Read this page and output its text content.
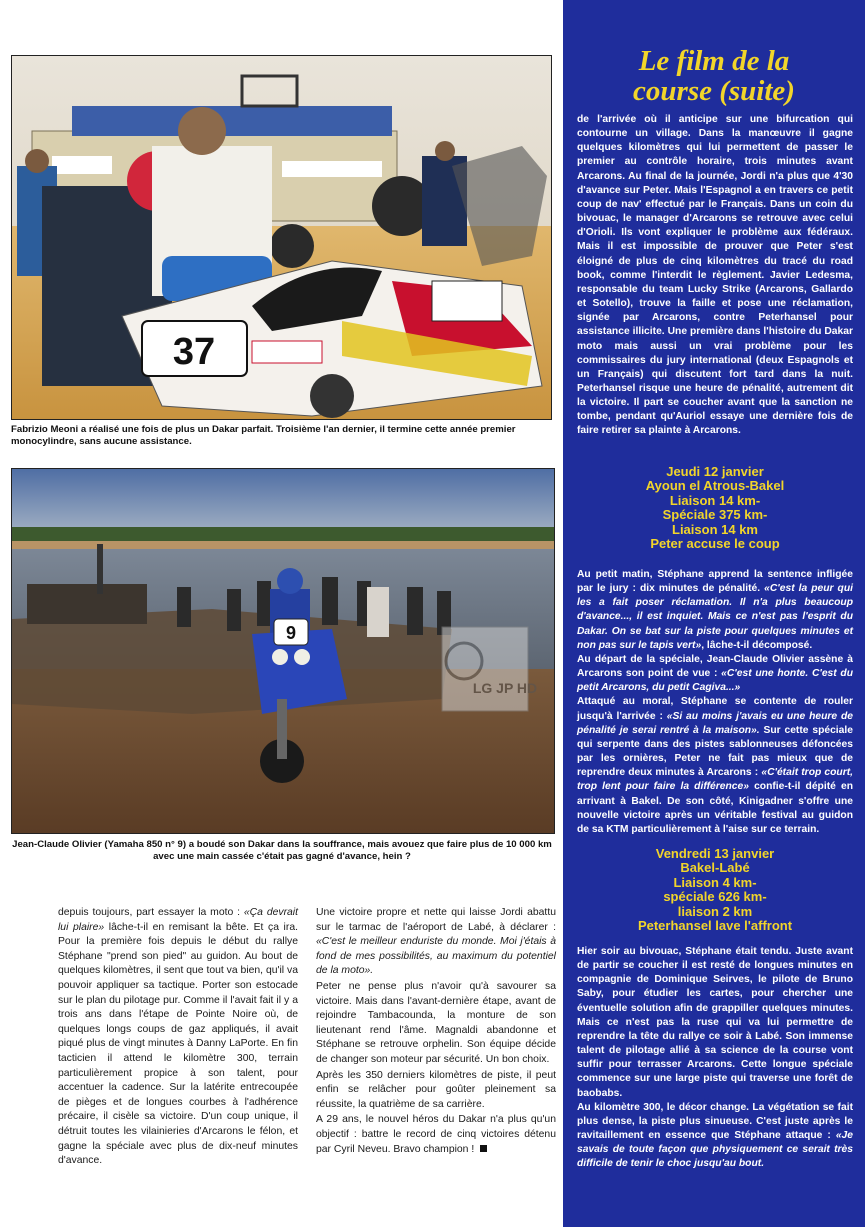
37
Fabrizio Meoni a réalisé une fois de plus un Dakar parfait. Troisième l'an dernier, il termine cette année premier monocylindre, sans aucune assistance.
9
LG JP HD
Jean-Claude Olivier (Yamaha 850 n° 9) a boudé son Dakar dans la souffrance, mais avouez que faire plus de 10 000 km avec une main cassée c'était pas gagné d'avance, hein ?

depuis toujours, part essayer la moto : «Ça devrait lui plaire» lâche-t-il en remisant la bête. Et ça ira. Pour la première fois depuis le début du rallye Stéphane "prend son pied" au guidon. Au bout de quelques kilomètres, il sent que tout va bien, qu'il va pouvoir appliquer sa tactique. Porter son estocade sur le plan du pilotage pur. Comme il l'avait fait il y a trois ans dans l'étape de Pointe Noire où, de quelques longs coups de gaz appliqués, il avait piqué plus de vingt minutes à Danny LaPorte. En fin tacticien il attend le kilomètre 300, terrain particulièrement propice à son talent, pour accentuer la cadence. Sur la latérite entrecoupée de pièges et de longues courbes à l'adhérence précaire, il cisèle sa victoire. D'un coup unique, il détruit toutes les vilainieries d'Arcarons le félon, et gagne la spéciale avec plus de dix-neuf minutes d'avance.

Une victoire propre et nette qui laisse Jordi abattu sur le tarmac de l'aéroport de Labé, à déclarer : «C'est le meilleur enduriste du monde. Moi j'étais à fond de mes possibilités, au maximum du potentiel de la moto».

Peter ne pense plus n'avoir qu'à savourer sa victoire. Mais dans l'avant-dernière étape, avant de rejoindre Tambacounda, la monture de son lieutenant rend l'âme. Magnaldi abandonne et Stéphane se retrouve orphelin. Son équipe décide de changer son moteur par sécurité. Un bon choix.

Après les 350 derniers kilomètres de piste, il peut enfin se relâcher pour goûter pleinement sa réussite, la quatrième de sa carrière.

A 29 ans, le nouvel héros du Dakar n'a plus qu'un objectif : battre le record de cinq victoires détenu par Cyril Neveu. Bravo champion !

Le film de la
course (suite)

de l'arrivée où il anticipe sur une bifurcation qui contourne un village. Dans la manœuvre il gagne quelques kilomètres qui lui permettent de passer le premier au contrôle horaire, trois minutes avant Arcarons. Au final de la journée, Jordi n'a plus que 4'30 d'avance sur Peter. Mais l'Espagnol a en travers ce petit coup de nav' effectué par le Français. Dans un coin du bivouac, le manager d'Arcarons se retrouve avec celui d'Orioli. Ils vont expliquer le problème aux fédéraux. Mais il est impossible de prouver que Peter s'est éloigné de plus de cinq kilomètres du tracé du road book, comme l'interdit le règlement. Javier Ledesma, responsable du team Lucky Strike (Arcarons, Gallardo et Sotello), trouve la faille et pose une réclamation, signée par Arcarons, contre Peterhansel pour assistance illicite. Une première dans l'histoire du Dakar moto mais aussi un vrai problème pour les commissaires du jury international (deux Espagnols et un Français) qui discutent fort tard dans la nuit. Peterhansel risque une heure de pénalité, autrement dit la victoire. Il part se coucher avant que la sanction ne tombe, pendant qu'Auriol essaye une dernière fois de faire retirer sa plainte à Arcarons.

Jeudi 12 janvier
Ayoun el Atrous-Bakel
Liaison 14 km-
Spéciale 375 km-
Liaison 14 km
Peter accuse le coup

Au petit matin, Stéphane apprend la sentence infligée par le jury : dix minutes de pénalité. «C'est la peur qui les a fait poser réclamation. Il n'a plus beaucoup d'avance..., il est inquiet. Mais ce n'est pas l'esprit du Dakar. On se bat sur la piste pour quelques minutes et non pas sur le tapis vert», lâche-t-il décomposé.

Au départ de la spéciale, Jean-Claude Olivier assène à Arcarons son point de vue : «C'est une honte. C'est du petit Arcarons, du petit Cagiva...»

Attaqué au moral, Stéphane se contente de rouler jusqu'à l'arrivée : «Si au moins j'avais eu une heure de pénalité je serai rentré à la maison». Sur cette spéciale qui serpente dans des pistes sablonneuses défoncées par les ornières, Peter ne fait pas mieux que de reprendre deux minutes à Arcarons : «C'était trop court, trop lent pour faire la différence» confie-t-il dépité en arrivant à Bakel. De son côté, Kinigadner s'offre une nouvelle victoire après un véritable festival au guidon de sa KTM particulièrement à l'aise sur ce terrain.

Vendredi 13 janvier
Bakel-Labé
Liaison 4 km-
spéciale 626 km-
liaison 2 km
Peterhansel lave l'affront

Hier soir au bivouac, Stéphane était tendu. Juste avant de partir se coucher il est resté de longues minutes en compagnie de Dominique Seirves, le pilote de Bruno Saby, pour étudier les cartes, pour chercher une éventuelle solution afin de grappiller quelques minutes. Mais ce n'est pas la ruse qui va lui permettre de reprendre la tête du rallye ce soir à Labé. Son immense talent de pilotage allié à sa science de la course vont suffir pour terrasser Arcarons. Cette longue spéciale commence sur une large piste qui traverse une forêt de baobabs.

Au kilomètre 300, le décor change. La végétation se fait plus dense, la piste plus sinueuse. C'est juste après le ravitaillement en essence que Stéphane attaque : «Je savais de toute façon que physiquement ce serait très difficile de tenir le choc jusqu'au bout.
